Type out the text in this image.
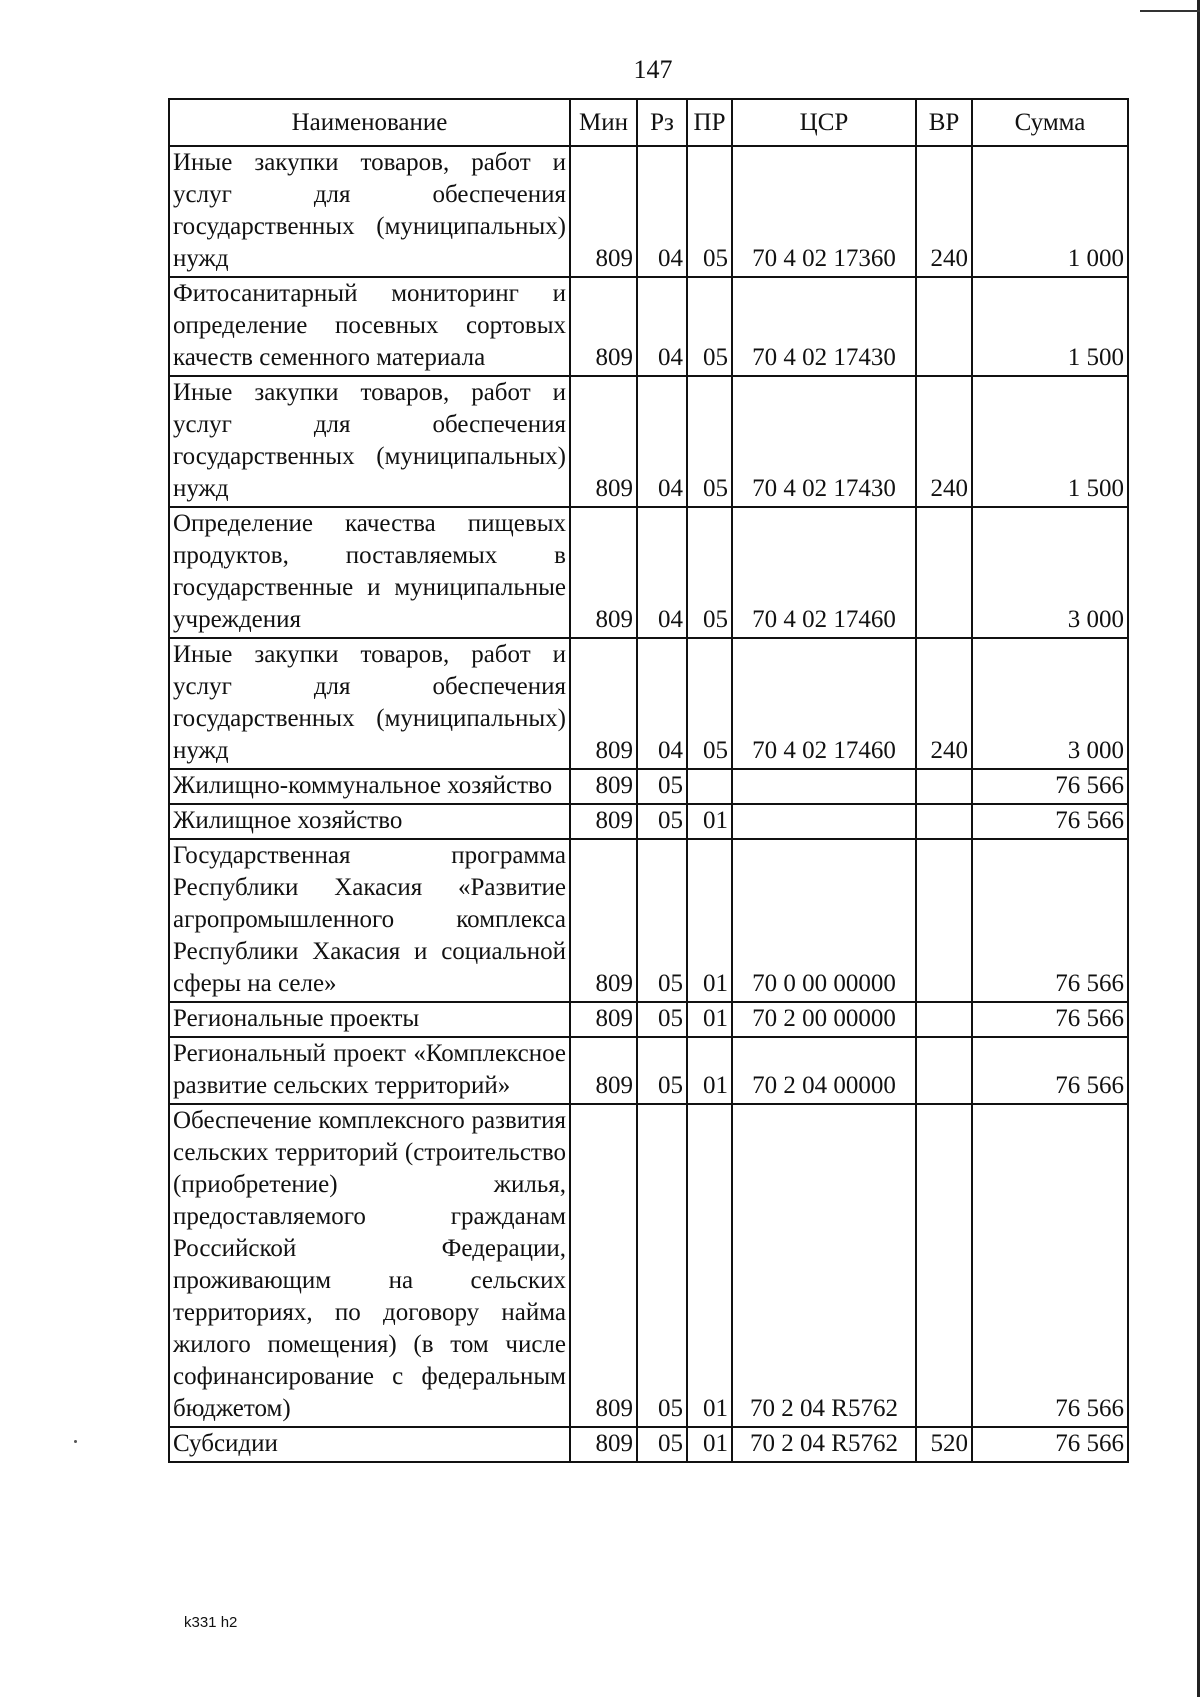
147
Наименование	Мин	Рз	ПР	ЦСР	ВР	Сумма
Иные закупки товаров, работ и услуг для обеспечения государственных (муниципальных) нужд	809	04	05	70 4 02 17360	240	1 000
Фитосанитарный мониторинг и определение посевных сортовых качеств семенного материала	809	04	05	70 4 02 17430		1 500
Иные закупки товаров, работ и услуг для обеспечения государственных (муниципальных) нужд	809	04	05	70 4 02 17430	240	1 500
Определение качества пищевых продуктов, поставляемых в государственные и муниципальные учреждения	809	04	05	70 4 02 17460		3 000
Иные закупки товаров, работ и услуг для обеспечения государственных (муниципальных) нужд	809	04	05	70 4 02 17460	240	3 000
Жилищно-коммунальное хозяйство	809	05				76 566
Жилищное хозяйство	809	05	01			76 566
Государственная программа Республики Хакасия «Развитие агропромышленного комплекса Республики Хакасия и социальной сферы на селе»	809	05	01	70 0 00 00000		76 566
Региональные проекты	809	05	01	70 2 00 00000		76 566
Региональный проект «Комплексное развитие сельских территорий»	809	05	01	70 2 04 00000		76 566
Обеспечение комплексного развития сельских территорий (строительство (приобретение) жилья, предоставляемого гражданам Российской Федерации, проживающим на сельских территориях, по договору найма жилого помещения) (в том числе софинансирование с федеральным бюджетом)	809	05	01	70 2 04 R5762		76 566
Субсидии	809	05	01	70 2 04 R5762	520	76 566
k331 h2
